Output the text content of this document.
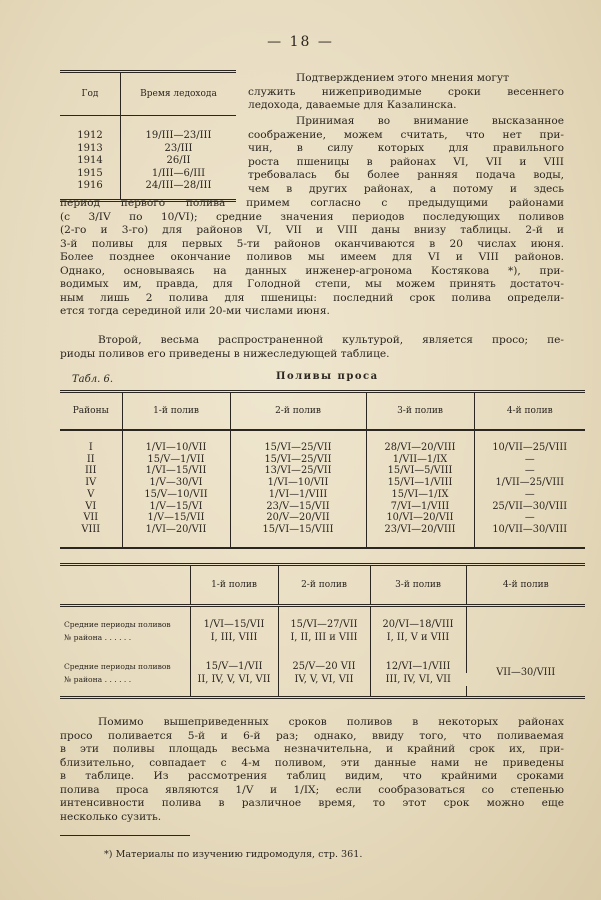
— 18 —
Год	Время ледохода
1912	19/III—23/III
1913	23/III
1914	26/II
1915	1/III—6/III
1916	24/III—28/III
Подтверждением этого мнения могут
служить нижеприводимые сроки весеннего
ледохода, даваемые для Казалинска.
Принимая во внимание высказанное
соображение, можем считать, что нет при-
чин, в силу которых для правильного
роста пшеницы в районах VI, VII и VIII
требовалась бы более ранняя подача воды,
чем в других районах, а потому и здесь
период первого полива примем согласно с предыдущими районами
(с 3/IV по 10/VI); средние значения периодов последующих поливов
(2-го и 3-го) для районов VI, VII и VIII даны внизу таблицы. 2-й и
3-й поливы для первых 5-ти районов оканчиваются в 20 числах июня.
Более позднее окончание поливов мы имеем для VI и VIII районов.
Однако, основываясь на данных инженер-агронома Костякова *), при-
водимых им, правда, для Голодной степи, мы можем принять достаточ-
ным лишь 2 полива для пшеницы: последний срок полива определи-
ется тогда серединой или 20-ми числами июня.
Второй, весьма распространенной культурой, является просо; пе-
риоды поливов его приведены в нижеследующей таблице.
Табл. 6.	Поливы проса
Районы	1-й полив	2-й полив	3-й полив	4-й полив

I	1/VI—10/VII	15/VI—25/VII	28/VI—20/VIII	10/VII—25/VIII
II	15/V—1/VII	15/VI—25/VII	1/VII—1/IX	—
III	1/VI—15/VII	13/VI—25/VII	15/VI—5/VIII	—
IV	1/V—30/VI	1/VI—10/VII	15/VI—1/VIII	1/VII—25/VIII
V	15/V—10/VII	1/VI—1/VIII	15/VI—1/IX	—
VI	1/V—15/VI	23/V—15/VII	7/VI—1/VIII	25/VII—30/VIII
VII	1/V—15/VII	20/V—20/VII	10/VI—20/VII	—
VIII	1/VI—20/VII	15/VI—15/VIII	23/VI—20/VIII	10/VII—30/VIII

	1-й полив	2-й полив	3-й полив	4-й полив

Средние периоды поливов	1/VI—15/VII	15/VI—27/VII	20/VI—18/VIII	
№ района . . . . . .	I, III, VIII	I, II, III и VIII	I, II, V и VIII	

Средние периоды поливов	15/V—1/VII	25/V—20 VII	12/VI—1/VIII	VII—30/VIII
№ района . . . . . .	II, IV, V, VI, VII	IV, V, VI, VII	III, IV, VI, VII	

Помимо вышеприведенных сроков поливов в некоторых районах
просо поливается 5-й и 6-й раз; однако, ввиду того, что поливаемая
в эти поливы площадь весьма незначительна, и крайний срок их, при-
близительно, совпадает с 4-м поливом, эти данные нами не приведены
в таблице. Из рассмотрения таблиц видим, что крайними сроками
полива проса являются 1/V и 1/IX; если сообразоваться со степенью
интенсивности полива в различное время, то этот срок можно еще
несколько сузить.
*) Материалы по изучению гидромодуля, стр. 361.
